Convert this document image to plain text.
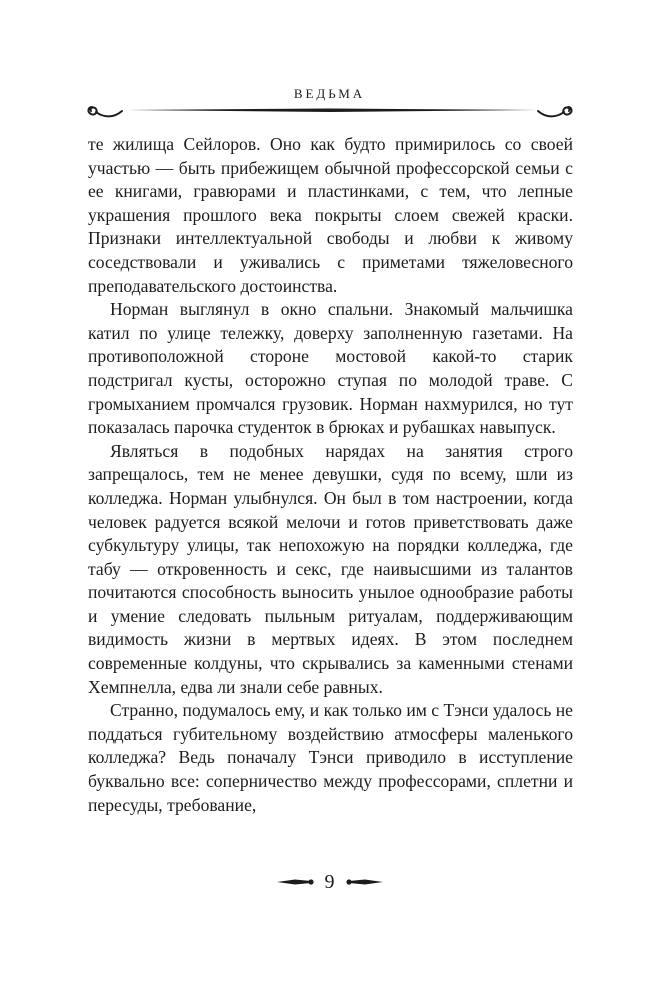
ВЕДЬМА

те жилища Сейлоров. Оно как будто примирилось со своей участью — быть прибежищем обычной профессорской семьи с ее книгами, гравюрами и пластинками, с тем, что лепные украшения прошлого века покрыты слоем свежей краски. Признаки интеллектуальной свободы и любви к живому соседствовали и уживались с приметами тяжеловесного преподавательского достоинства.

Норман выглянул в окно спальни. Знакомый мальчишка катил по улице тележку, доверху заполненную газетами. На противоположной стороне мостовой какой-то старик подстригал кусты, осторожно ступая по молодой траве. С громыханием промчался грузовик. Норман нахмурился, но тут показалась парочка студенток в брюках и рубашках навыпуск.

Являться в подобных нарядах на занятия строго запрещалось, тем не менее девушки, судя по всему, шли из колледжа. Норман улыбнулся. Он был в том настроении, когда человек радуется всякой мелочи и готов приветствовать даже субкультуру улицы, так непохожую на порядки колледжа, где табу — откровенность и секс, где наивысшими из талантов почитаются способность выносить унылое однообразие работы и умение следовать пыльным ритуалам, поддерживающим видимость жизни в мертвых идеях. В этом последнем современные колдуны, что скрывались за каменными стенами Хемпнелла, едва ли знали себе равных.

Странно, подумалось ему, и как только им с Тэнси удалось не поддаться губительному воздействию атмосферы маленького колледжа? Ведь поначалу Тэнси приводило в исступление буквально все: соперничество между профессорами, сплетни и пересуды, требование,

9
